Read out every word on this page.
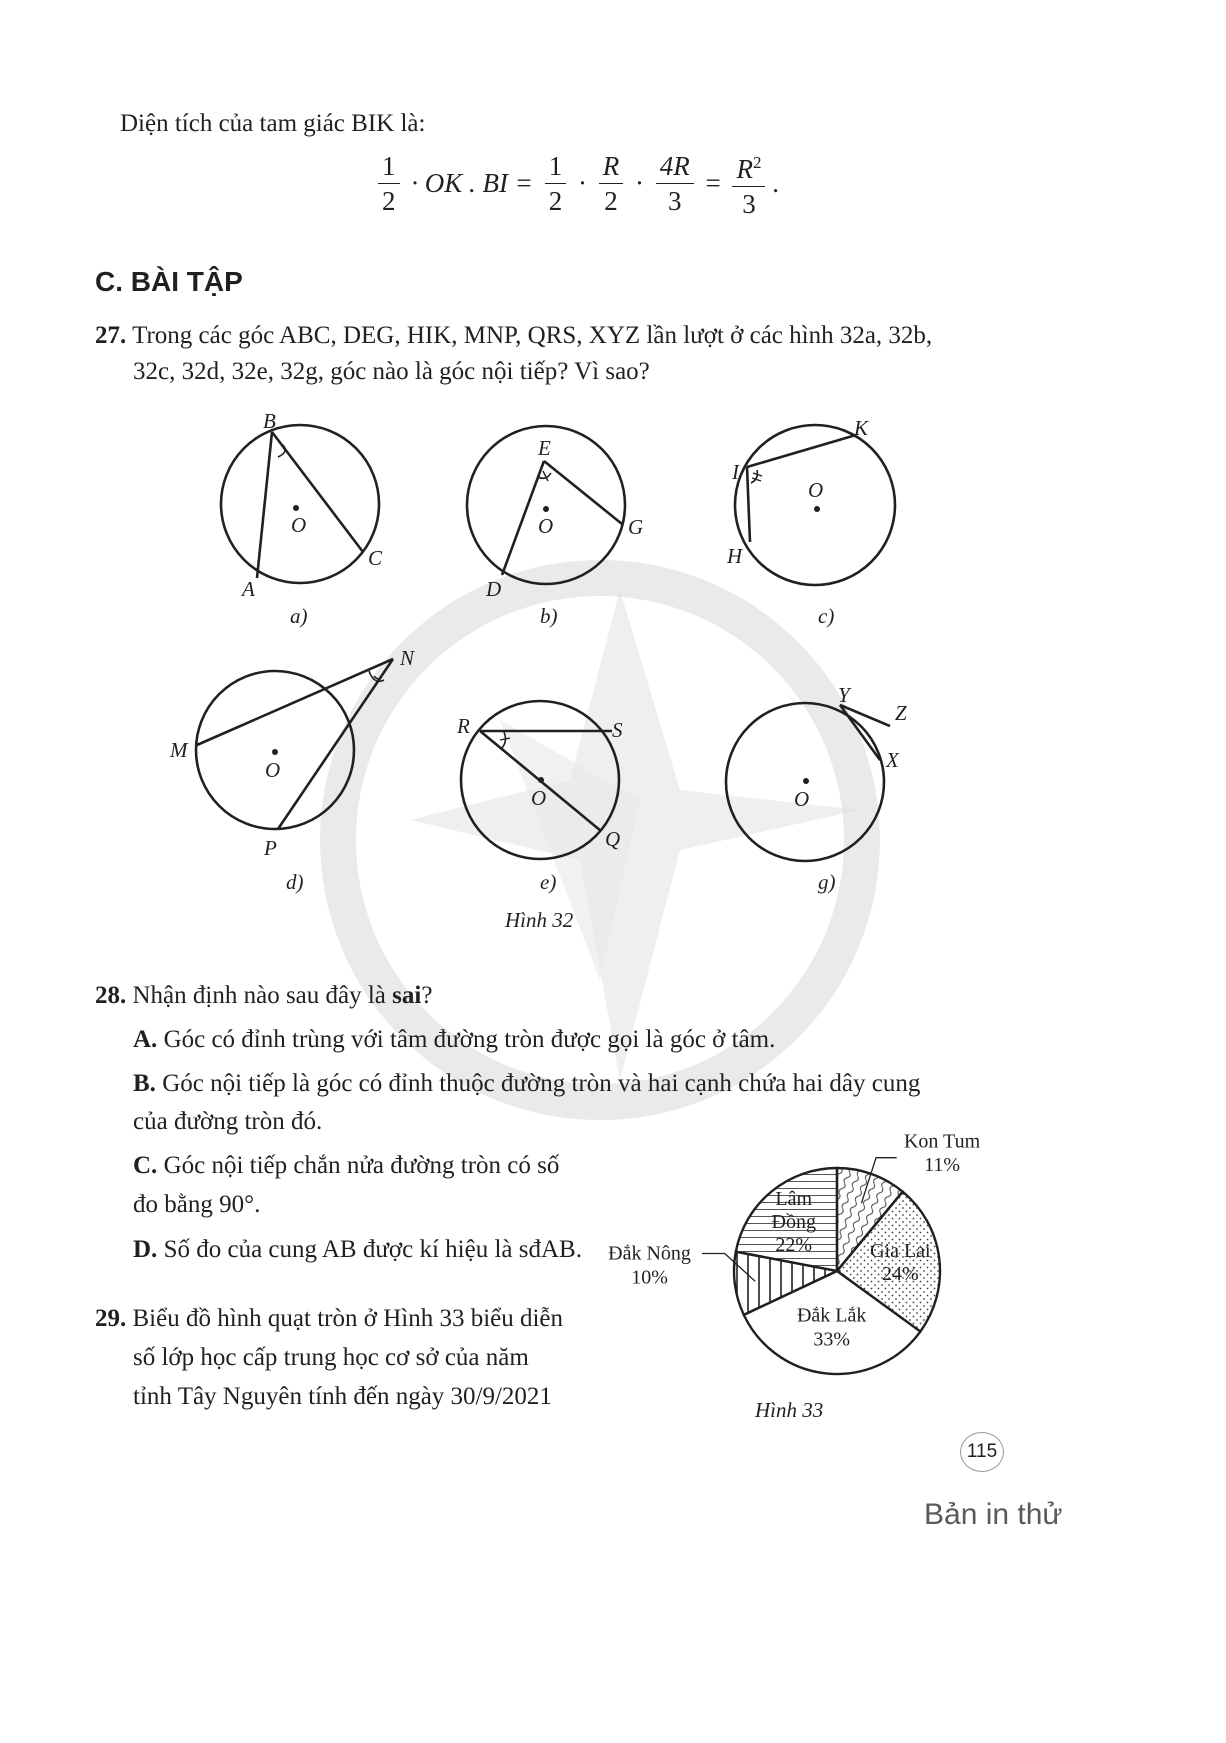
Diện tích của tam giác BIK là:
$\frac{1}{2}$ · OK . BI = $\frac{1}{2} \cdot \frac{R}{2} \cdot \frac{4R}{3} = \frac{R^2}{3}$ .
C. BÀI TẬP
27. Trong các góc ABC, DEG, HIK, MNP, QRS, XYZ lần lượt ở các hình 32a, 32b,
32c, 32d, 32e, 32g, góc nào là góc nội tiếp? Vì sao?
B
A
C
O
a)
E
D
G
O
b)
I
H
K
O
c)
M
N
P
O
d)
R	S
Q
O
e)
Y
Z
X
O
g)
Hình 32
28. Nhận định nào sau đây là sai?
A. Góc có đỉnh trùng với tâm đường tròn được gọi là góc ở tâm.
B. Góc nội tiếp là góc có đỉnh thuộc đường tròn và hai cạnh chứa hai dây cung
của đường tròn đó.
C. Góc nội tiếp chắn nửa đường tròn có số
đo bằng 90°.
D. Số đo của cung AB được kí hiệu là sđAB.
29. Biểu đồ hình quạt tròn ở Hình 33 biểu diễn
số lớp học cấp trung học cơ sở của năm
tỉnh Tây Nguyên tính đến ngày 30/9/2021
Kon Tum
11%
Gia Lai
24%
Đắk Lắk
33%
Đắk Nông
10%
Lâm
Đồng
22%
Hình 33
115
Bản in thử
